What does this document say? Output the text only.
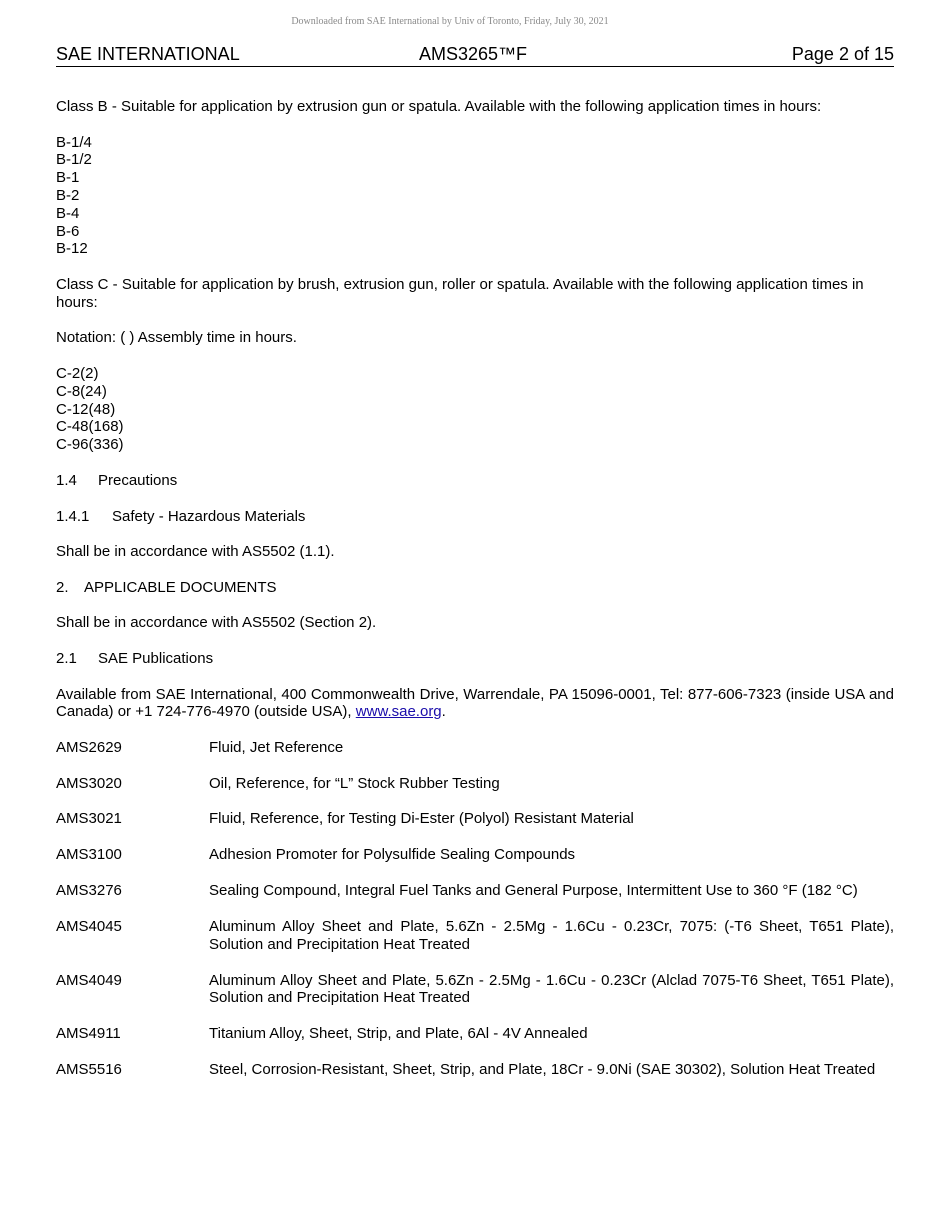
Downloaded from SAE International by Univ of Toronto, Friday, July 30, 2021
SAE INTERNATIONAL	AMS3265™F	Page 2 of 15

Class B - Suitable for application by extrusion gun or spatula. Available with the following application times in hours:

B-1/4
B-1/2
B-1
B-2
B-4
B-6
B-12

Class C - Suitable for application by brush, extrusion gun, roller or spatula. Available with the following application times in hours:

Notation: ( ) Assembly time in hours.

C-2(2)
C-8(24)
C-12(48)
C-48(168)
C-96(336)

1.4 Precautions

1.4.1 Safety - Hazardous Materials

Shall be in accordance with AS5502 (1.1).

2. APPLICABLE DOCUMENTS

Shall be in accordance with AS5502 (Section 2).

2.1 SAE Publications

Available from SAE International, 400 Commonwealth Drive, Warrendale, PA 15096-0001, Tel: 877-606-7323 (inside USA and Canada) or +1 724-776-4970 (outside USA), www.sae.org.

AMS2629	Fluid, Jet Reference
AMS3020	Oil, Reference, for “L” Stock Rubber Testing
AMS3021	Fluid, Reference, for Testing Di-Ester (Polyol) Resistant Material
AMS3100	Adhesion Promoter for Polysulfide Sealing Compounds
AMS3276	Sealing Compound, Integral Fuel Tanks and General Purpose, Intermittent Use to 360 °F (182 °C)
AMS4045	Aluminum Alloy Sheet and Plate, 5.6Zn - 2.5Mg - 1.6Cu - 0.23Cr, 7075: (-T6 Sheet, T651 Plate), Solution and Precipitation Heat Treated
AMS4049	Aluminum Alloy Sheet and Plate, 5.6Zn - 2.5Mg - 1.6Cu - 0.23Cr (Alclad 7075-T6 Sheet, T651 Plate), Solution and Precipitation Heat Treated
AMS4911	Titanium Alloy, Sheet, Strip, and Plate, 6Al - 4V Annealed
AMS5516	Steel, Corrosion-Resistant, Sheet, Strip, and Plate, 18Cr - 9.0Ni (SAE 30302), Solution Heat Treated
